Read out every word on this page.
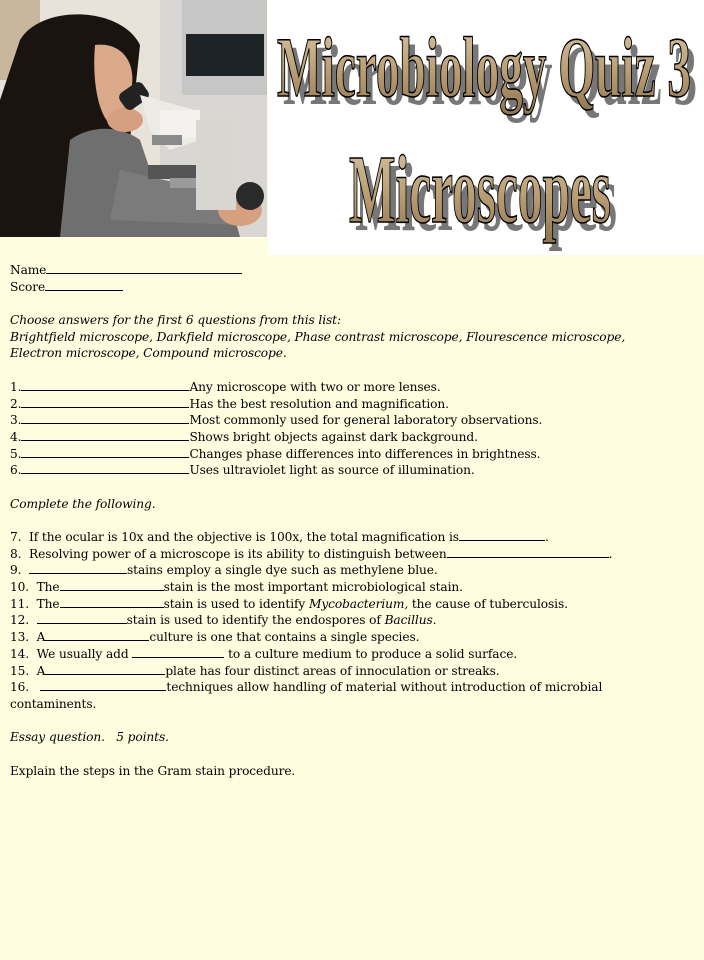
Microbiology Quiz 3
Microbiology Quiz 3
Microscopes
Microscopes
Name
Score
Choose answers for the first 6 questions from this list:
Brightfield microscope, Darkfield microscope, Phase contrast microscope, Flourescence microscope,
Electron microscope, Compound microscope.
1.	Any microscope with two or more lenses.
2.	Has the best resolution and magnification.
3.	Most commonly used for general laboratory observations.
4.	Shows bright objects against dark background.
5.	Changes phase differences into differences in brightness.
6.	Uses ultraviolet light as source of illumination.
Complete the following.
7. If the ocular is 10x and the objective is 100x, the total magnification is	.
8. Resolving power of a microscope is its ability to distinguish between	.
9.	stains employ a single dye such as methylene blue.
10. The	stain is the most important microbiological stain.
11. The	stain is used to identify Mycobacterium, the cause of tuberculosis.
12.	stain is used to identify the endospores of Bacillus.
13. A	culture is one that contains a single species.
14. We usually add	to a culture medium to produce a solid surface.
15. A	plate has four distinct areas of innoculation or streaks.
16.	techniques allow handling of material without introduction of microbial
contaminents.
Essay question.   5 points.
Explain the steps in the Gram stain procedure.
